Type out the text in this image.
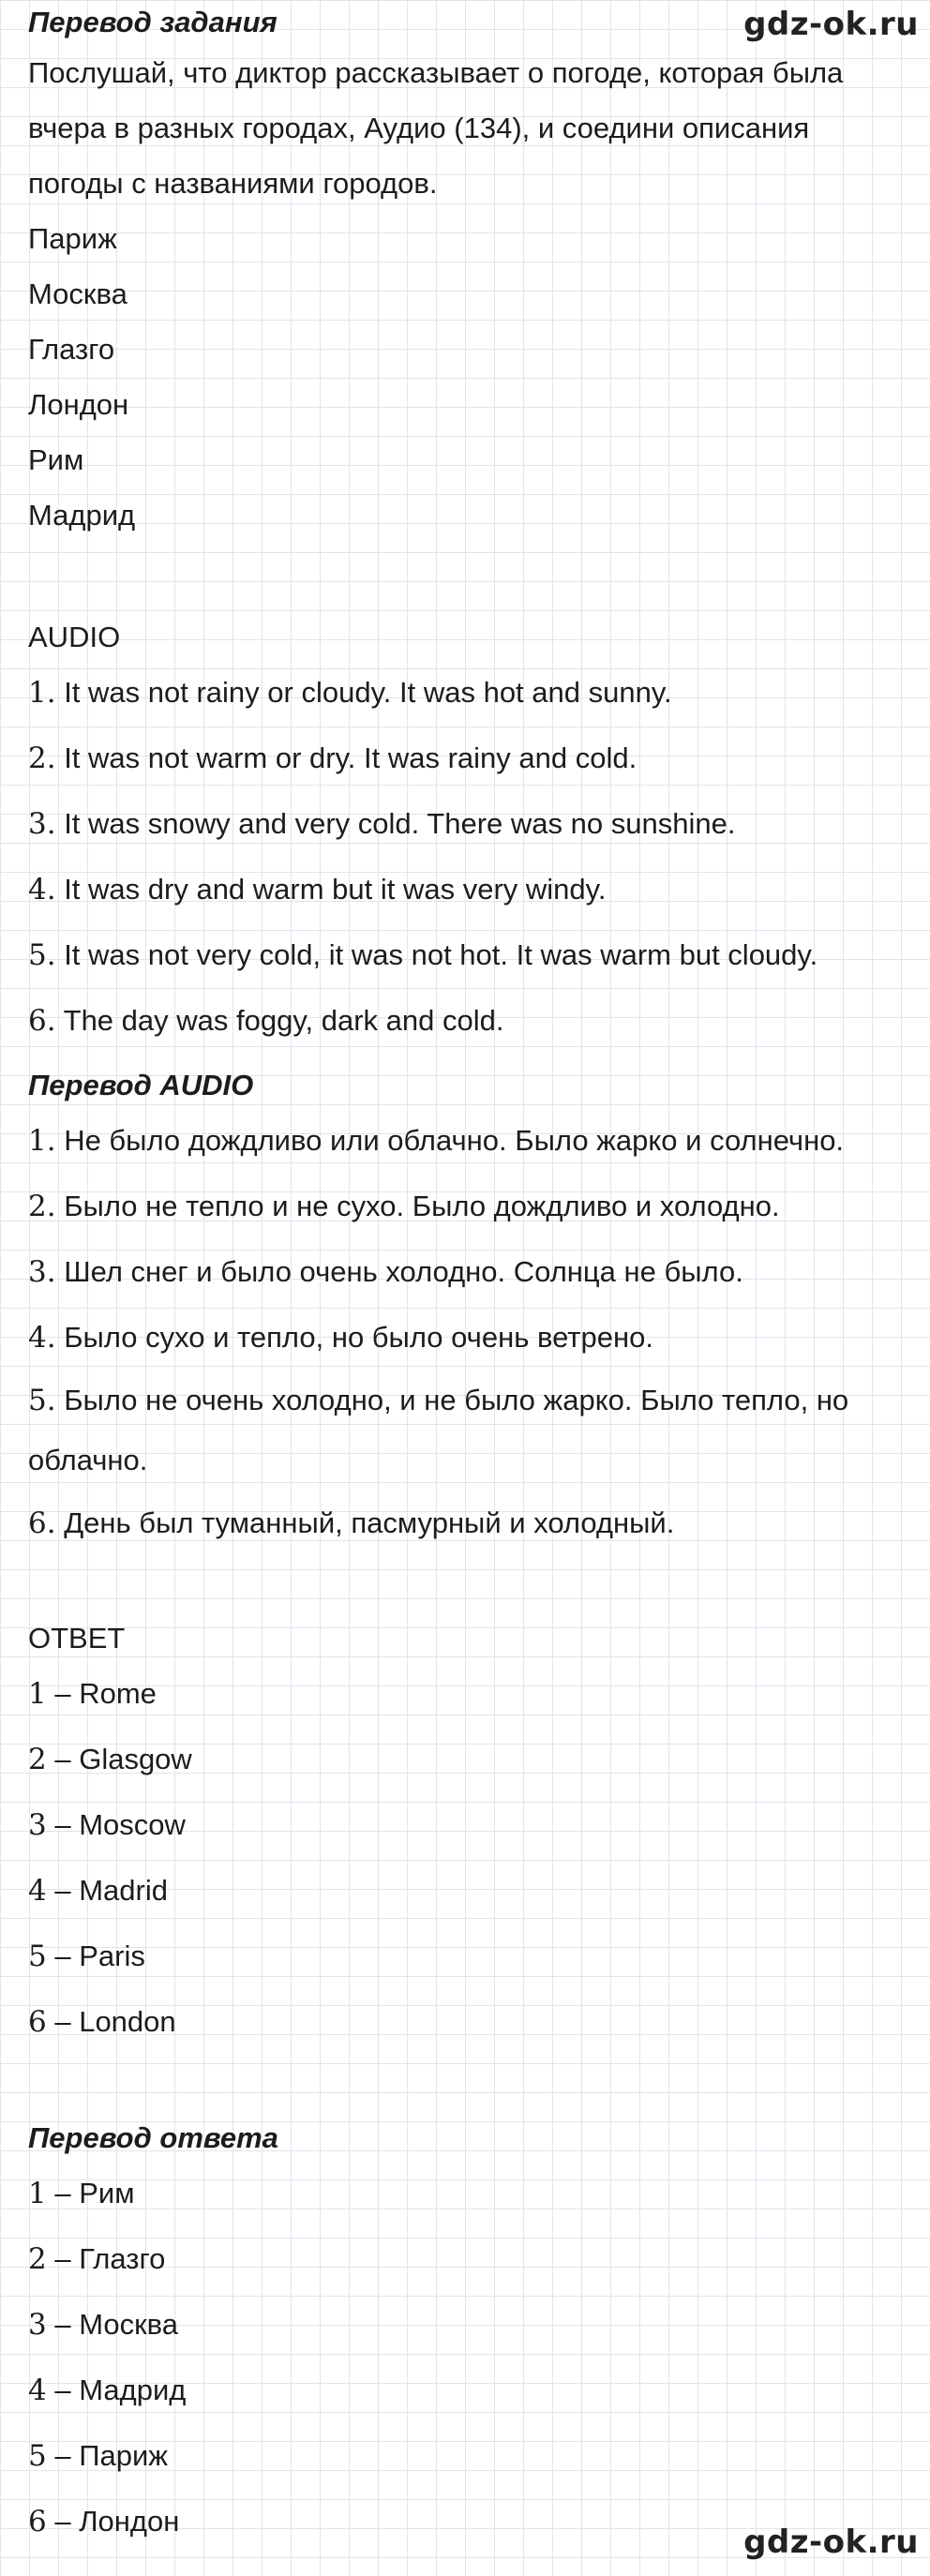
gdz-ok.ru

Перевод задания

Послушай, что диктор рассказывает о погоде, которая была вчера в разных городах, Аудио (134), и соедини описания погоды с названиями городов.

Париж

Москва

Глазго

Лондон

Рим

Мадрид

AUDIO

1. It was not rainy or cloudy. It was hot and sunny.

2. It was not warm or dry. It was rainy and cold.

3. It was snowy and very cold. There was no sunshine.

4. It was dry and warm but it was very windy.

5. It was not very cold, it was not hot. It was warm but cloudy.

6. The day was foggy, dark and cold.

Перевод AUDIO

1. Не было дождливо или облачно. Было жарко и солнечно.

2. Было не тепло и не сухо. Было дождливо и холодно.

3. Шел снег и было очень холодно. Солнца не было.

4. Было сухо и тепло, но было очень ветрено.

5. Было не очень холодно, и не было жарко. Было тепло, но облачно.

6. День был туманный, пасмурный и холодный.

ОТВЕТ

1 – Rome

2 – Glasgow

3 – Moscow

4 – Madrid

5 – Paris

6 – London

Перевод ответа

1 – Рим

2 – Глазго

3 – Москва

4 – Мадрид

5 – Париж

6 – Лондон

gdz-ok.ru
